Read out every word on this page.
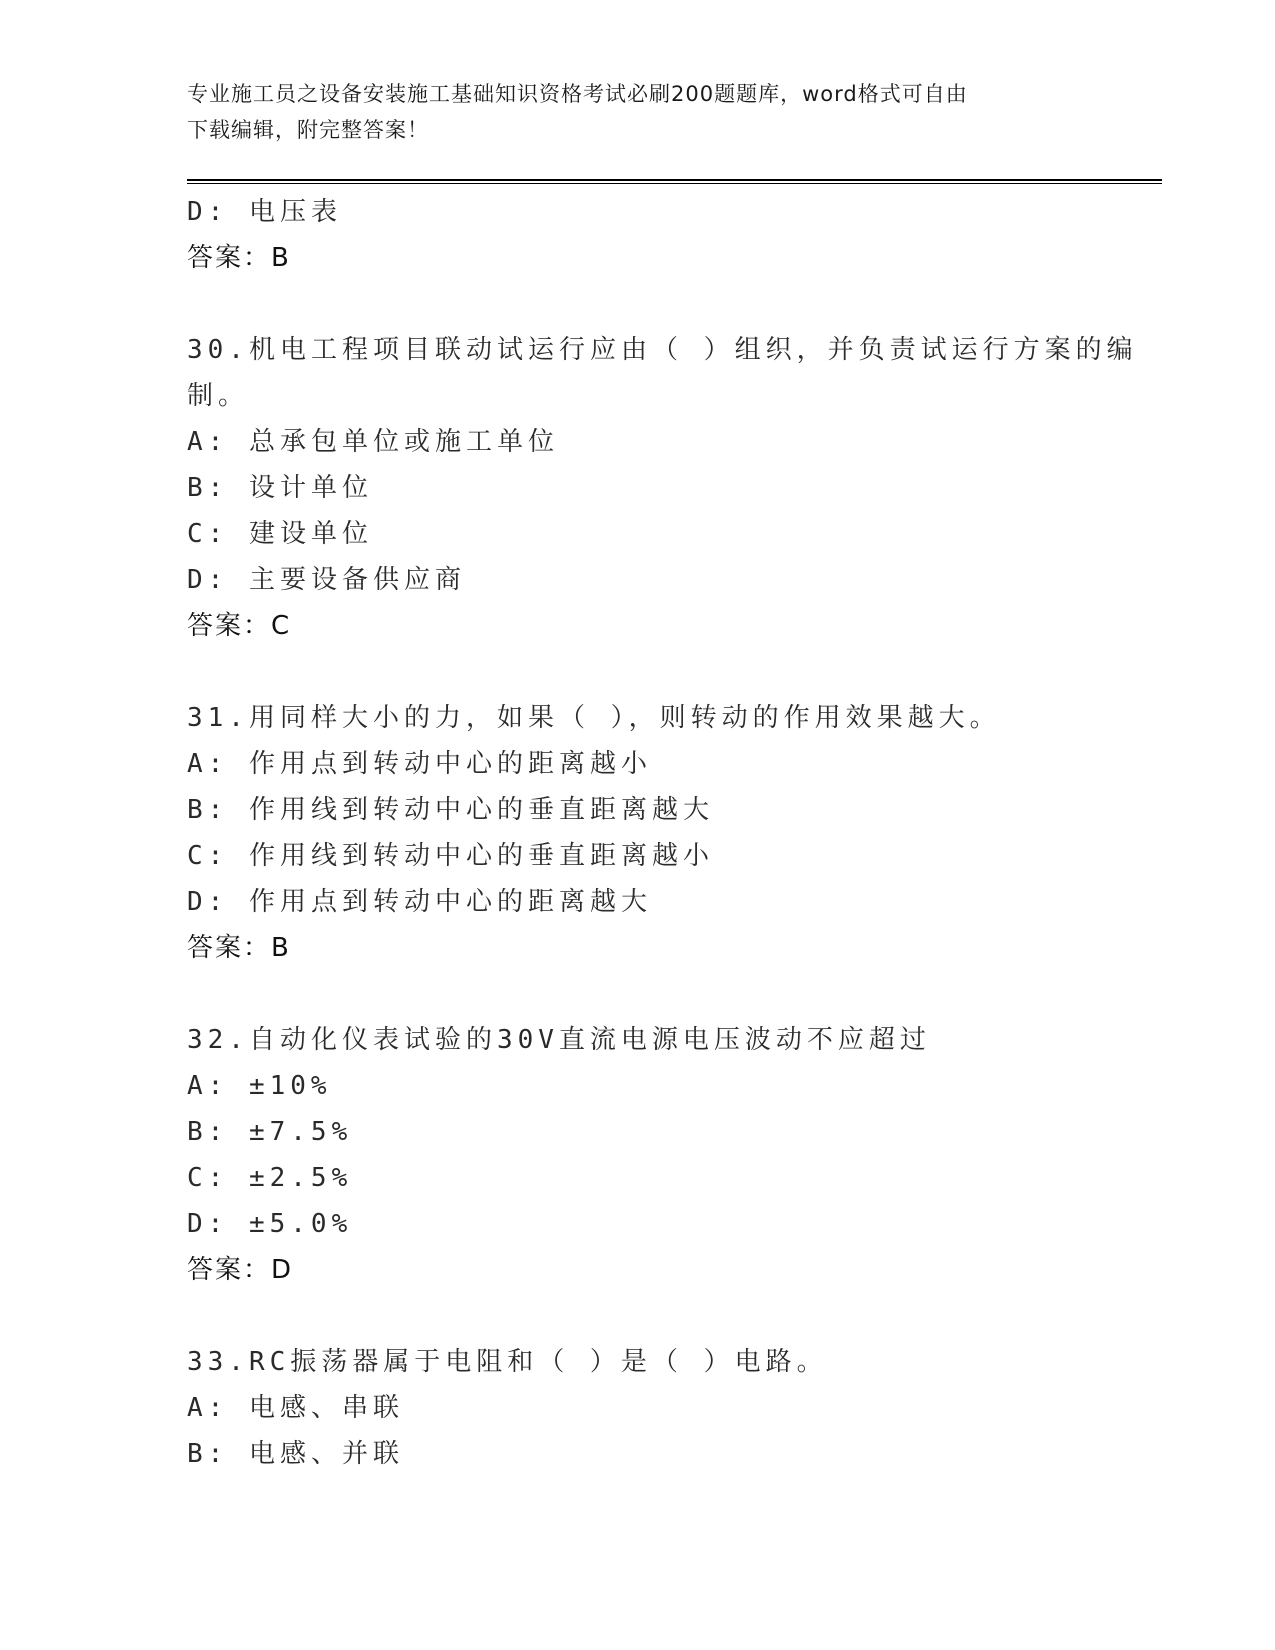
专业施工员之设备安装施工基础知识资格考试必刷200题题库，word格式可自由
下载编辑，附完整答案！
D: 电压表
答案：B
30.机电工程项目联动试运行应由（ ）组织，并负责试运行方案的编
制。
A: 总承包单位或施工单位
B: 设计单位
C: 建设单位
D: 主要设备供应商
答案：C
31.用同样大小的力，如果（ ），则转动的作用效果越大。
A: 作用点到转动中心的距离越小
B: 作用线到转动中心的垂直距离越大
C: 作用线到转动中心的垂直距离越小
D: 作用点到转动中心的距离越大
答案：B
32.自动化仪表试验的30V直流电源电压波动不应超过
A: ±10%
B: ±7.5%
C: ±2.5%
D: ±5.0%
答案：D
33.RC振荡器属于电阻和（ ）是（ ）电路。
A: 电感、串联
B: 电感、并联
